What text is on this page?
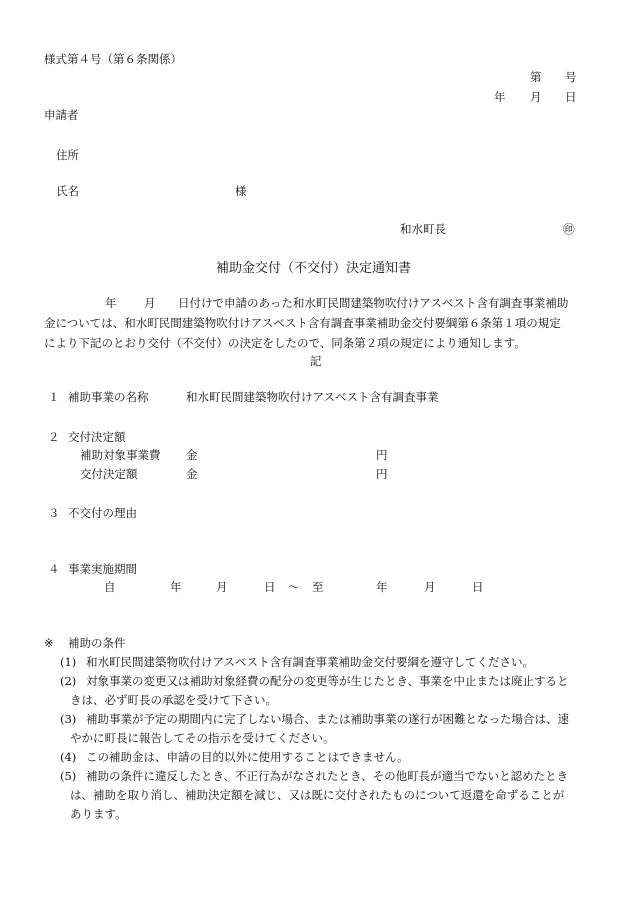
様式第４号（第６条関係）
第 号
年 月 日
申請者
住所
氏名	様
和水町長	㊞
補助金交付（不交付）決定通知書
年 月 日付けで申請のあった和水町民間建築物吹付けアスベスト含有調査事業補助
金については、和水町民間建築物吹付けアスベスト含有調査事業補助金交付要綱第６条第１項の規定
により下記のとおり交付（不交付）の決定をしたので、同条第２項の規定により通知します。
記
１ 補助事業の名称	和水町民間建築物吹付けアスベスト含有調査事業
２ 交付決定額
補助対象事業費 金	円
交付決定額	金	円
３ 不交付の理由
４ 事業実施期間
自	年	月	日 ～ 至	年	月	日
※ 補助の条件
(1) 和水町民間建築物吹付けアスベスト含有調査事業補助金交付要綱を遵守してください。
(2) 対象事業の変更又は補助対象経費の配分の変更等が生じたとき、事業を中止または廃止すると
きは、必ず町長の承認を受けて下さい。
(3) 補助事業が予定の期間内に完了しない場合、または補助事業の遂行が困難となった場合は、速
やかに町長に報告してその指示を受けてください。
(4) この補助金は、申請の目的以外に使用することはできません。
(5) 補助の条件に違反したとき、不正行為がなされたとき、その他町長が適当でないと認めたとき
は、補助を取り消し、補助決定額を減じ、又は既に交付されたものについて返還を命ずることが
あります。
